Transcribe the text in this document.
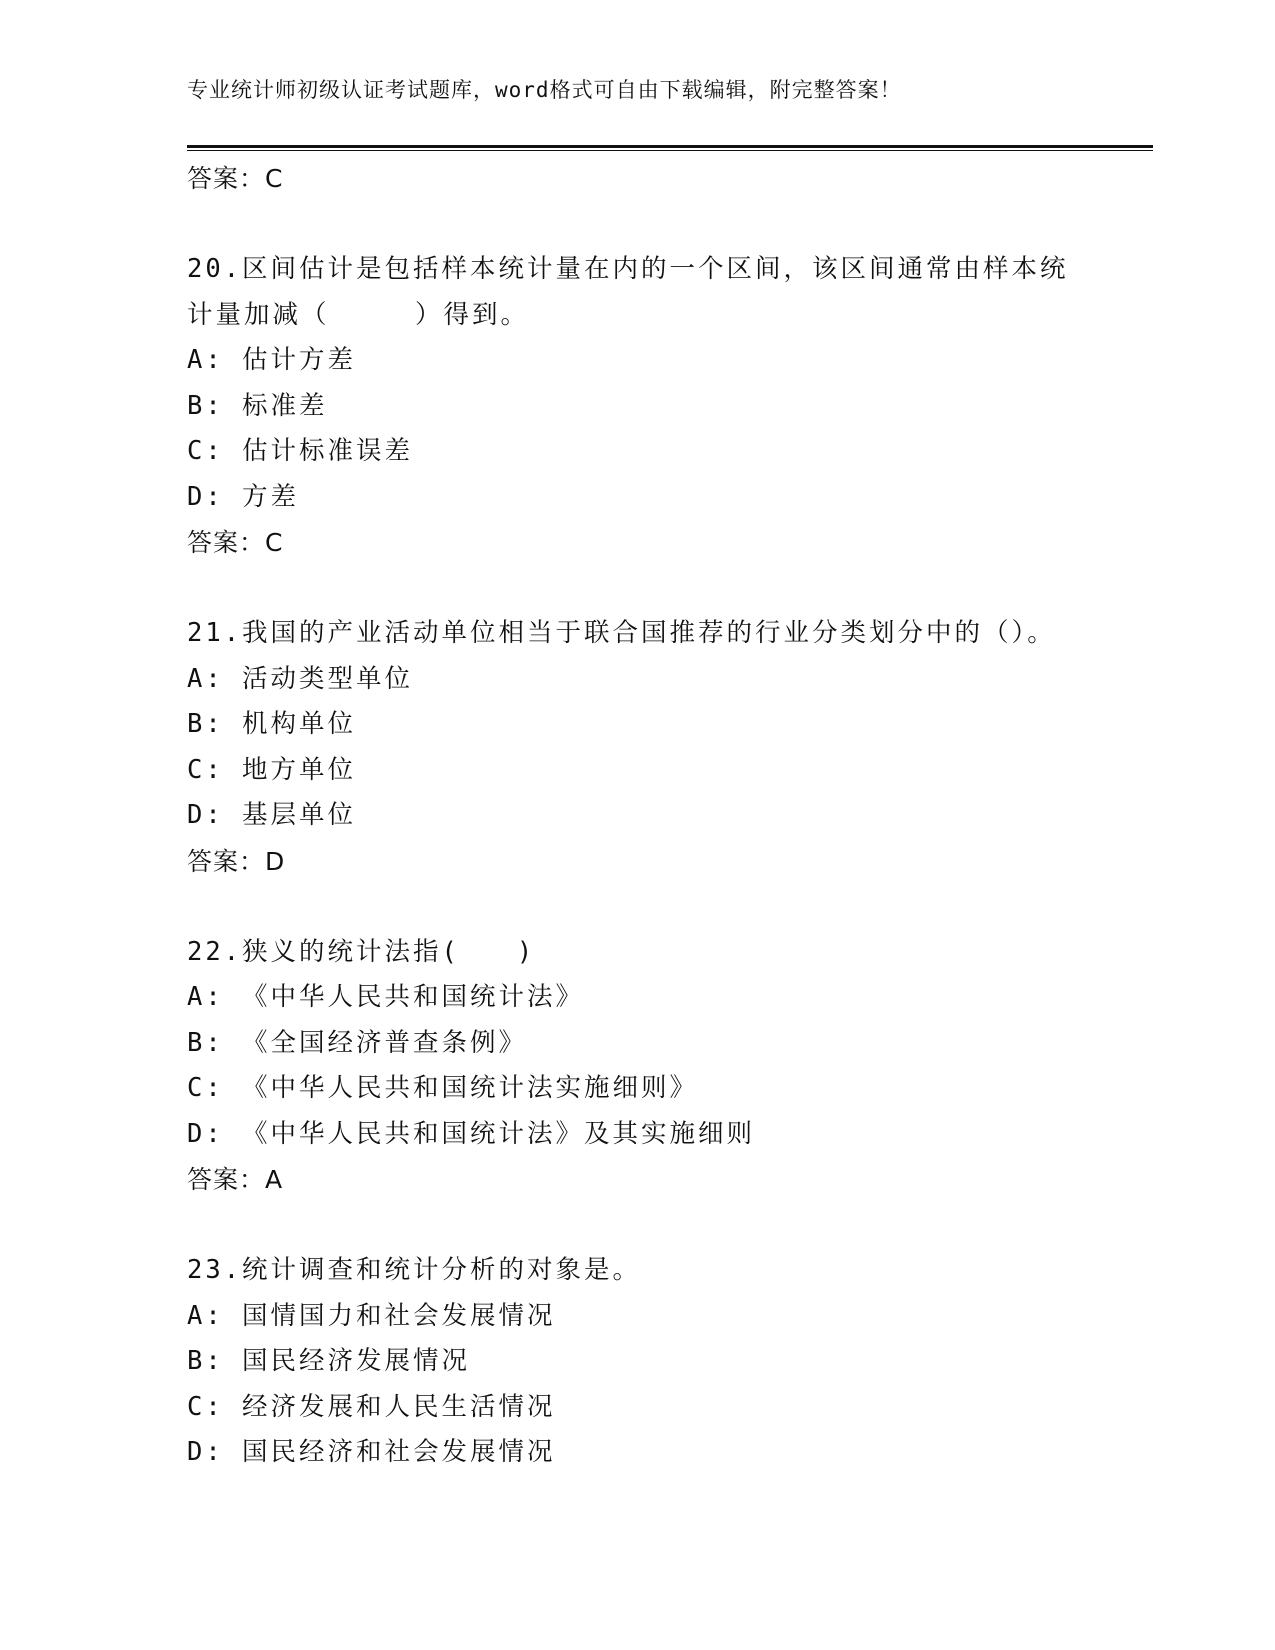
专业统计师初级认证考试题库，word格式可自由下载编辑，附完整答案！
答案：C
20.区间估计是包括样本统计量在内的一个区间，该区间通常由样本统
计量加减（　　　）得到。
A: 估计方差
B: 标准差
C: 估计标准误差
D: 方差
答案：C
21.我国的产业活动单位相当于联合国推荐的行业分类划分中的（）。
A: 活动类型单位
B: 机构单位
C: 地方单位
D: 基层单位
答案：D
22.狭义的统计法指(　　)
A: 《中华人民共和国统计法》
B: 《全国经济普查条例》
C: 《中华人民共和国统计法实施细则》
D: 《中华人民共和国统计法》及其实施细则
答案：A
23.统计调查和统计分析的对象是。
A: 国情国力和社会发展情况
B: 国民经济发展情况
C: 经济发展和人民生活情况
D: 国民经济和社会发展情况
